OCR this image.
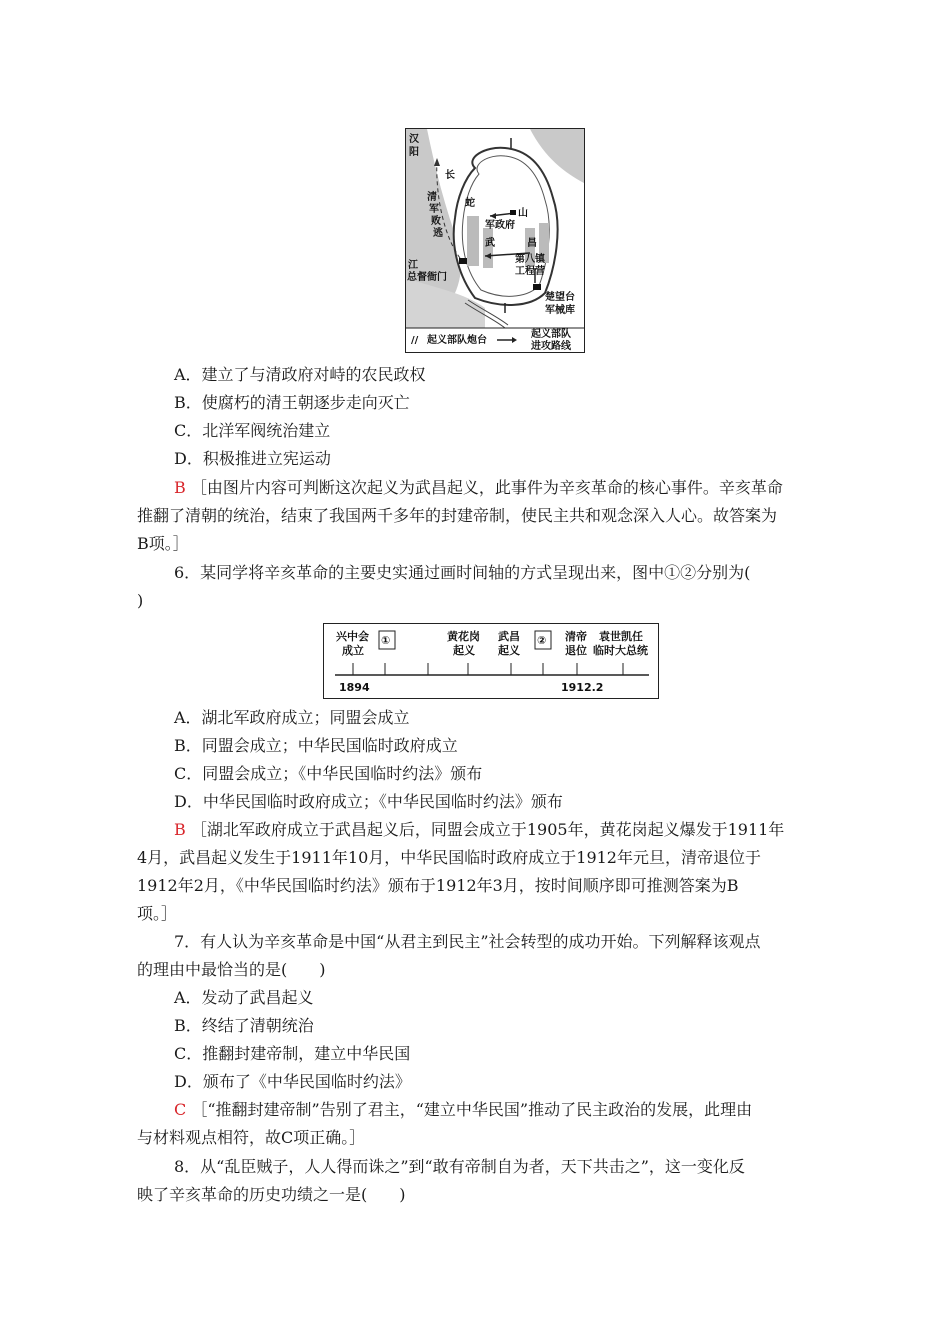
汉
阳
长
江
清
军
败
逃
蛇
山
军政府
武	昌
第八镇
工程营
总督衙门
楚望台
军械库
// 起义部队炮台
起义部队
进攻路线
A．建立了与清政府对峙的农民政权
B．使腐朽的清王朝逐步走向灭亡
C．北洋军阀统治建立
D．积极推进立宪运动
B ［由图片内容可判断这次起义为武昌起义，此事件为辛亥革命的核心事件。辛亥革命
推翻了清朝的统治，结束了我国两千多年的封建帝制，使民主共和观念深入人心。故答案为
B项。］
6．某同学将辛亥革命的主要史实通过画时间轴的方式呈现出来，图中①②分别为(
)
兴中会
成立
①	黄花岗
起义
武昌
起义
② 清帝
退位
袁世凯任
临时大总统
1894	1912.2
A．湖北军政府成立；同盟会成立
B．同盟会成立；中华民国临时政府成立
C．同盟会成立；《中华民国临时约法》颁布
D．中华民国临时政府成立；《中华民国临时约法》颁布
B ［湖北军政府成立于武昌起义后，同盟会成立于1905年，黄花岗起义爆发于1911年
4月，武昌起义发生于1911年10月，中华民国临时政府成立于1912年元旦，清帝退位于
1912年2月，《中华民国临时约法》颁布于1912年3月，按时间顺序即可推测答案为B
项。］
7．有人认为辛亥革命是中国“从君主到民主”社会转型的成功开始。下列解释该观点
的理由中最恰当的是(　　)
A．发动了武昌起义
B．终结了清朝统治
C．推翻封建帝制，建立中华民国
D．颁布了《中华民国临时约法》
C ［“推翻封建帝制”告别了君主，“建立中华民国”推动了民主政治的发展，此理由
与材料观点相符，故C项正确。］
8．从“乱臣贼子，人人得而诛之”到“敢有帝制自为者，天下共击之”，这一变化反
映了辛亥革命的历史功绩之一是(　　)
